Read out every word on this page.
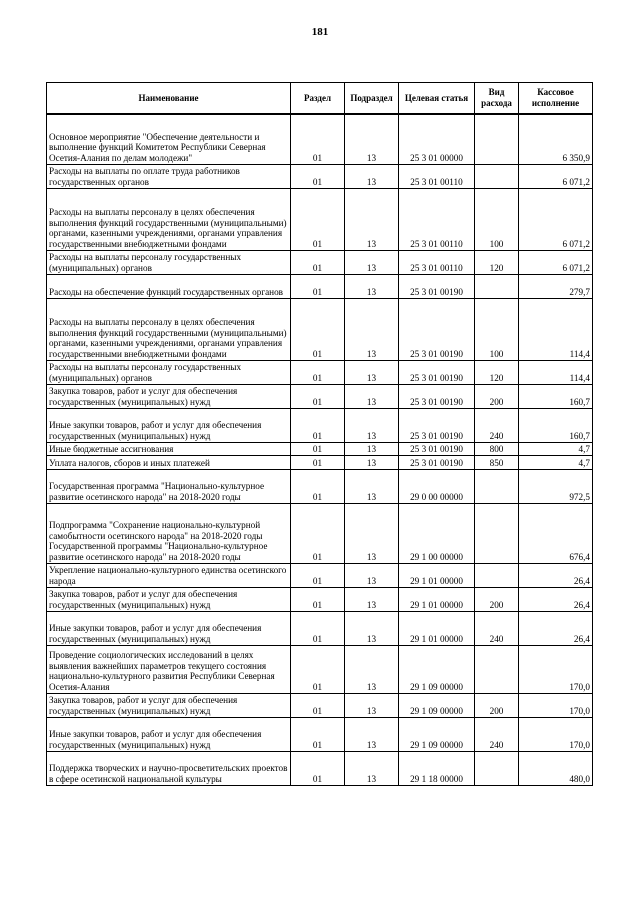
181
Наименование	Раздел	Подраздел	Целевая статья	Вид расхода	Кассовое исполнение
Основное мероприятие "Обеспечение деятельности и выполнение функций Комитетом Республики Северная Осетия-Алания по делам молодежи"	01	13	25 3 01 00000		6 350,9
Расходы на выплаты по оплате труда работников государственных органов	01	13	25 3 01 00110		6 071,2
Расходы на выплаты персоналу в целях обеспечения выполнения функций государственными (муниципальными) органами, казенными учреждениями, органами управления государственными внебюджетными фондами	01	13	25 3 01 00110	100	6 071,2
Расходы на выплаты персоналу государственных (муниципальных) органов	01	13	25 3 01 00110	120	6 071,2
Расходы на обеспечение функций государственных органов	01	13	25 3 01 00190		279,7
Расходы на выплаты персоналу в целях обеспечения выполнения функций государственными (муниципальными) органами, казенными учреждениями, органами управления государственными внебюджетными фондами	01	13	25 3 01 00190	100	114,4
Расходы на выплаты персоналу государственных (муниципальных) органов	01	13	25 3 01 00190	120	114,4
Закупка товаров, работ и услуг для обеспечения государственных (муниципальных) нужд	01	13	25 3 01 00190	200	160,7
Иные закупки товаров, работ и услуг для обеспечения государственных (муниципальных) нужд	01	13	25 3 01 00190	240	160,7
Иные бюджетные ассигнования	01	13	25 3 01 00190	800	4,7
Уплата налогов, сборов и иных платежей	01	13	25 3 01 00190	850	4,7
Государственная программа "Национально-культурное развитие осетинского народа" на 2018-2020 годы	01	13	29 0 00 00000		972,5
Подпрограмма "Сохранение национально-культурной самобытности осетинского народа" на 2018-2020 годы Государственной программы "Национально-культурное развитие осетинского народа" на 2018-2020 годы	01	13	29 1 00 00000		676,4
Укрепление национально-культурного единства осетинского народа	01	13	29 1 01 00000		26,4
Закупка товаров, работ и услуг для обеспечения государственных (муниципальных) нужд	01	13	29 1 01 00000	200	26,4
Иные закупки товаров, работ и услуг для обеспечения государственных (муниципальных) нужд	01	13	29 1 01 00000	240	26,4
Проведение социологических исследований в целях выявления важнейших параметров текущего состояния национально-культурного развития Республики Северная Осетия-Алания	01	13	29 1 09 00000		170,0
Закупка товаров, работ и услуг для обеспечения государственных (муниципальных) нужд	01	13	29 1 09 00000	200	170,0
Иные закупки товаров, работ и услуг для обеспечения государственных (муниципальных) нужд	01	13	29 1 09 00000	240	170,0
Поддержка творческих и научно-просветительских проектов в сфере осетинской национальной культуры	01	13	29 1 18 00000		480,0
